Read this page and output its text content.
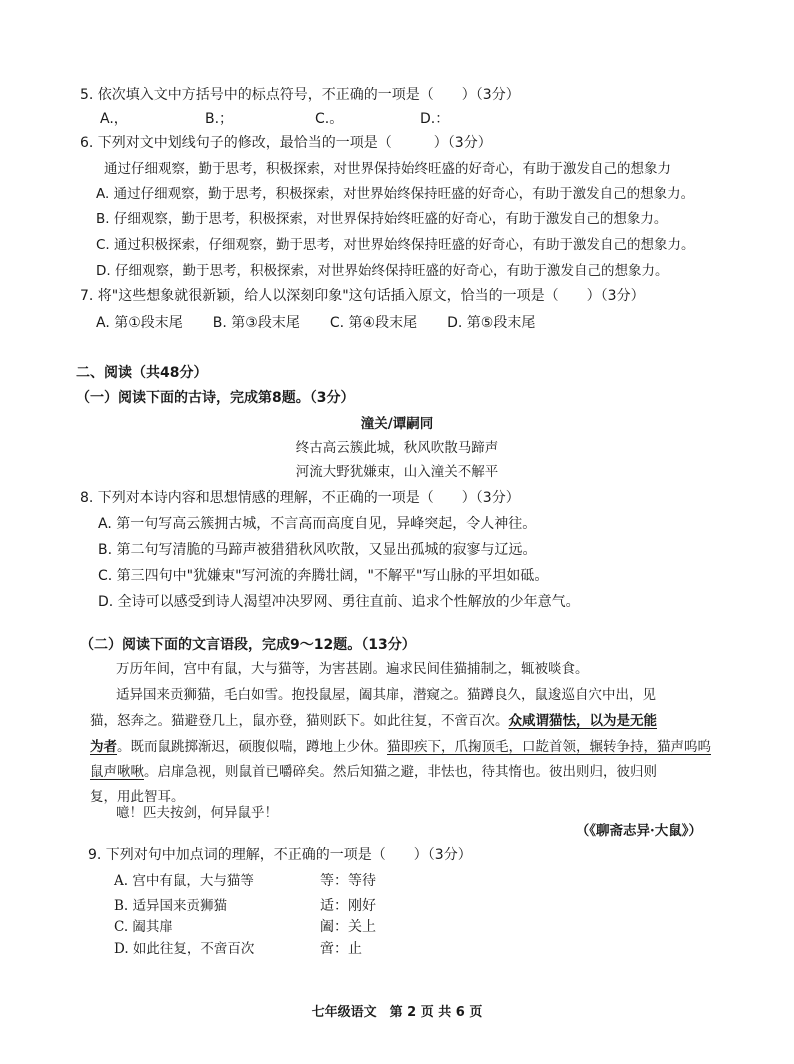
5. 依次填入文中方括号中的标点符号，不正确的一项是（　　）（3分）
A.，	B.；	C.。	D.：
6. 下列对文中划线句子的修改，最恰当的一项是（　　　）（3分）
通过仔细观察，勤于思考，积极探索，对世界保持始终旺盛的好奇心，有助于激发自己的想象力
A. 通过仔细观察，勤于思考，积极探索，对世界始终保持旺盛的好奇心，有助于激发自己的想象力。
B. 仔细观察，勤于思考，积极探索，对世界保持始终旺盛的好奇心，有助于激发自己的想象力。
C. 通过积极探索，仔细观察，勤于思考，对世界始终保持旺盛的好奇心，有助于激发自己的想象力。
D. 仔细观察，勤于思考，积极探索，对世界始终保持旺盛的好奇心，有助于激发自己的想象力。
7. 将"这些想象就很新颖，给人以深刻印象"这句话插入原文，恰当的一项是（　　）（3分）
A. 第①段末尾 B. 第③段末尾 C. 第④段末尾 D. 第⑤段末尾
二、阅读（共48分）
（一）阅读下面的古诗，完成第8题。（3分）
潼关/谭嗣同
终古高云簇此城，秋风吹散马蹄声
河流大野犹嫌束，山入潼关不解平
8. 下列对本诗内容和思想情感的理解，不正确的一项是（　　）（3分）
A. 第一句写高云簇拥古城，不言高而高度自见，异峰突起，令人神往。
B. 第二句写清脆的马蹄声被猎猎秋风吹散，又显出孤城的寂寥与辽远。
C. 第三四句中"犹嫌束"写河流的奔腾壮阔，"不解平"写山脉的平坦如砥。
D. 全诗可以感受到诗人渴望冲决罗网、勇往直前、追求个性解放的少年意气。
（二）阅读下面的文言语段，完成9～12题。（13分）
万历年间，宫中有鼠，大与猫等，为害甚剧。遍求民间佳猫捕制之，辄被啖食。
适异国来贡狮猫，毛白如雪。抱投鼠屋，阖其扉，潜窥之。猫蹲良久，鼠逡巡自穴中出，见
猫，怒奔之。猫避登几上，鼠亦登，猫则跃下。如此往复，不啻百次。众咸谓猫怯，以为是无能
为者。既而鼠跳掷渐迟，硕腹似喘，蹲地上少休。猫即疾下，爪掬顶毛，口龁首领，辗转争持，猫声呜呜
鼠声啾啾。启扉急视，则鼠首已嚼碎矣。然后知猫之避，非怯也，待其惰也。彼出则归，彼归则
复，用此智耳。
噫！匹夫按剑，何异鼠乎！
（《聊斋志异·大鼠》）
9. 下列对句中加点词的理解，不正确的一项是（　　）（3分）
A. 宫中有鼠，大与猫等	等：等待
B. 适异国来贡狮猫	适：刚好
C. 阖其扉	阖：关上
D. 如此往复，不啻百次	啻：止
七年级语文　第 2 页 共 6 页
